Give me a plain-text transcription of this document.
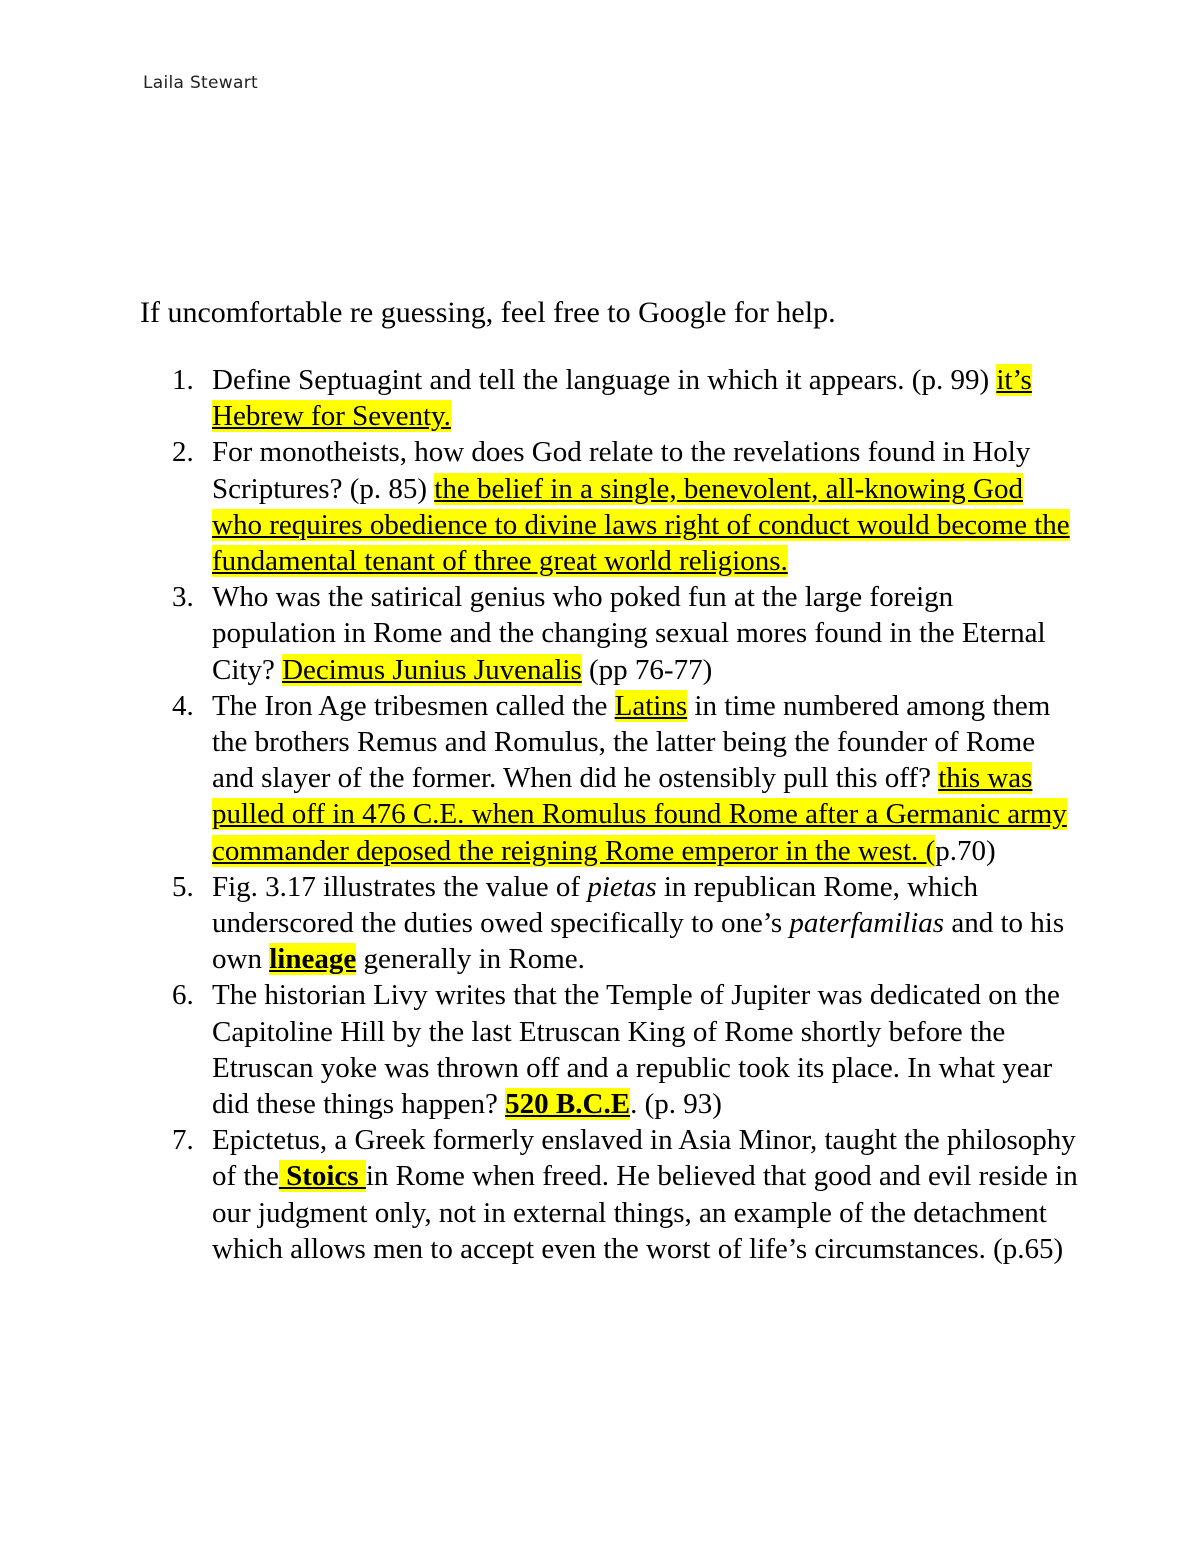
Laila Stewart
If uncomfortable re guessing, feel free to Google for help.
1. Define Septuagint and tell the language in which it appears. (p. 99) it’s Hebrew for Seventy.
2. For monotheists, how does God relate to the revelations found in Holy Scriptures? (p. 85) the belief in a single, benevolent, all-knowing God who requires obedience to divine laws right of conduct would become the fundamental tenant of three great world religions.
3. Who was the satirical genius who poked fun at the large foreign population in Rome and the changing sexual mores found in the Eternal City? Decimus Junius Juvenalis (pp 76-77)
4. The Iron Age tribesmen called the Latins in time numbered among them the brothers Remus and Romulus, the latter being the founder of Rome and slayer of the former. When did he ostensibly pull this off? this was pulled off in 476 C.E. when Romulus found Rome after a Germanic army commander deposed the reigning Rome emperor in the west. (p.70)
5. Fig. 3.17 illustrates the value of pietas in republican Rome, which underscored the duties owed specifically to one’s paterfamilias and to his own lineage generally in Rome.
6. The historian Livy writes that the Temple of Jupiter was dedicated on the Capitoline Hill by the last Etruscan King of Rome shortly before the Etruscan yoke was thrown off and a republic took its place. In what year did these things happen? 520 B.C.E. (p. 93)
7. Epictetus, a Greek formerly enslaved in Asia Minor, taught the philosophy of the Stoics in Rome when freed. He believed that good and evil reside in our judgment only, not in external things, an example of the detachment which allows men to accept even the worst of life’s circumstances. (p.65)
